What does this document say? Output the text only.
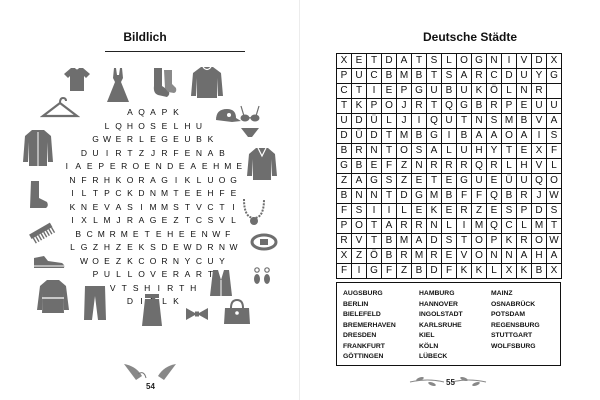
Bildlich
A Q A P K
L Q H O S E L H U
G W E R L E G E U B K
D U I R T Z J R F E N A B
I A E P E R O E N D E A E H M E
N F R H K O R A G I K L U O G
I L T P C K D N M T E E H F E
K N E V A S I M M S T V C T I
I X L M J R A G E Z T C S V L
B C M R M E T E H E E N W F
L G Z H Z E K S D E W D R N W
W O E Z K C O R N Y C U Y
P U L L O V E R A R T
V T S H I R T H
D I	L K
54
Deutsche Städte
X E T D A T S L O G N	I	V D X
P U C B M B T S A R C D U Y G
C T	I	E P G U B U K Ö L N R
T K P O J R T Q G B R P E U U
U D Ü L J	I Q U T N S M B V A
D Ü D T M B G I	B A A O A	I	S
B R N T O S A L U H Y T E X F
G B E F Z N R R R Q R L H V L
Z A G S Z E T E G U E Ü U Q O
B N N T D G M B F F Q B R J W
F S	I	I	L E K E R Z E S P D S
P O T A R R N L	I M Q C L M T
R V T B M A D S T O P K R O W
X Z Ö B R M R E V O N N A H A
F	I G F Z B D F K K L X K B X
AUGSBURG
BERLIN
BIELEFELD
BREMERHAVEN
DRESDEN
FRANKFURT
GÖTTINGEN
HAMBURG
HANNOVER
INGOLSTADT
KARLSRUHE
KIEL
KÖLN
LÜBECK
MAINZ
OSNABRÜCK
POTSDAM
REGENSBURG
STUTTGART
WOLFSBURG
55
